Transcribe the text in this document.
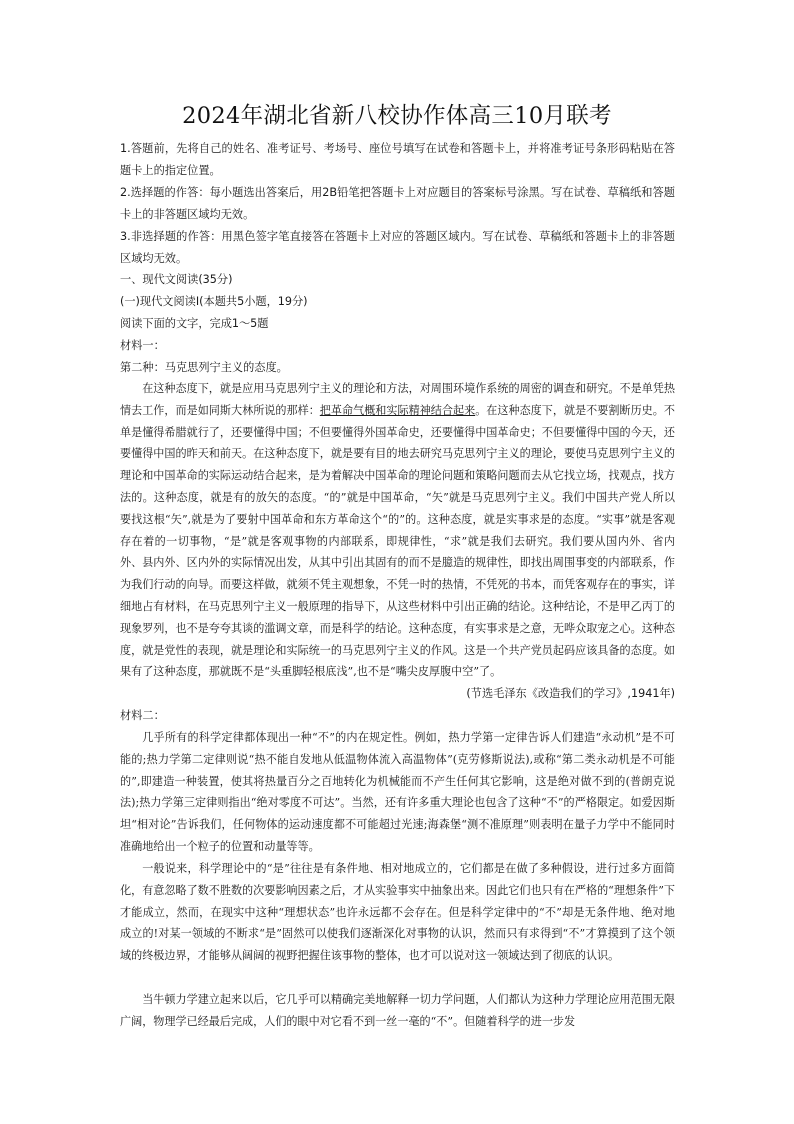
2024年湖北省新八校协作体高三10月联考

1.答题前，先将自己的姓名、准考证号、考场号、座位号填写在试卷和答题卡上，并将准考证号条形码粘贴在答题卡上的指定位置。

2.选择题的作答：每小题选出答案后，用2B铅笔把答题卡上对应题目的答案标号涂黑。写在试卷、草稿纸和答题卡上的非答题区域均无效。

3.非选择题的作答：用黑色签字笔直接答在答题卡上对应的答题区域内。写在试卷、草稿纸和答题卡上的非答题区域均无效。

一、现代文阅读(35分)

(一)现代文阅读I(本题共5小题，19分)

阅读下面的文字，完成1～5题

材料一：

第二种：马克思列宁主义的态度。

在这种态度下，就是应用马克思列宁主义的理论和方法，对周围环境作系统的周密的调查和研究。不是单凭热情去工作，而是如同斯大林所说的那样：把革命气概和实际精神结合起来。在这种态度下，就是不要割断历史。不单是懂得希腊就行了，还要懂得中国；不但要懂得外国革命史，还要懂得中国革命史；不但要懂得中国的今天，还要懂得中国的昨天和前天。在这种态度下，就是要有目的地去研究马克思列宁主义的理论，要使马克思列宁主义的理论和中国革命的实际运动结合起来，是为着解决中国革命的理论问题和策略问题而去从它找立场，找观点，找方法的。这种态度，就是有的放矢的态度。“的”就是中国革命，“矢”就是马克思列宁主义。我们中国共产党人所以要找这根“矢”,就是为了要射中国革命和东方革命这个“的”的。这种态度，就是实事求是的态度。“实事”就是客观存在着的一切事物，“是”就是客观事物的内部联系，即规律性，“求”就是我们去研究。我们要从国内外、省内外、县内外、区内外的实际情况出发，从其中引出其固有的而不是臆造的规律性，即找出周围事变的内部联系，作为我们行动的向导。而要这样做，就须不凭主观想象，不凭一时的热情，不凭死的书本，而凭客观存在的事实，详细地占有材料，在马克思列宁主义一般原理的指导下，从这些材料中引出正确的结论。这种结论，不是甲乙丙丁的现象罗列，也不是夸夸其谈的滥调文章，而是科学的结论。这种态度，有实事求是之意，无哗众取宠之心。这种态度，就是党性的表现，就是理论和实际统一的马克思列宁主义的作风。这是一个共产党员起码应该具备的态度。如果有了这种态度，那就既不是“头重脚轻根底浅”,也不是“嘴尖皮厚腹中空”了。

(节选毛泽东《改造我们的学习》,1941年)

材料二：

几乎所有的科学定律都体现出一种“不”的内在规定性。例如，热力学第一定律告诉人们建造“永动机”是不可能的;热力学第二定律则说“热不能自发地从低温物体流入高温物体”(克劳修斯说法),或称“第二类永动机是不可能的”,即建造一种装置，使其将热量百分之百地转化为机械能而不产生任何其它影响，这是绝对做不到的(普朗克说法);热力学第三定律则指出“绝对零度不可达”。当然，还有许多重大理论也包含了这种“不”的严格限定。如爱因斯坦“相对论”告诉我们，任何物体的运动速度都不可能超过光速;海森堡“测不准原理”则表明在量子力学中不能同时准确地给出一个粒子的位置和动量等等。

一般说来，科学理论中的“是”往往是有条件地、相对地成立的，它们都是在做了多种假设，进行过多方面简化，有意忽略了数不胜数的次要影响因素之后，才从实验事实中抽象出来。因此它们也只有在严格的“理想条件”下才能成立，然而，在现实中这种“理想状态”也许永远都不会存在。但是科学定律中的“不”却是无条件地、绝对地成立的!对某一领域的不断求“是”固然可以使我们逐渐深化对事物的认识，然而只有求得到“不”才算摸到了这个领域的终极边界，才能够从阔阔的视野把握住该事物的整体，也才可以说对这一领域达到了彻底的认识。

当牛顿力学建立起来以后，它几乎可以精确完美地解释一切力学问题，人们都认为这种力学理论应用范围无限广阔，物理学已经最后完成，人们的眼中对它看不到一丝一毫的“不”。但随着科学的进一步发
